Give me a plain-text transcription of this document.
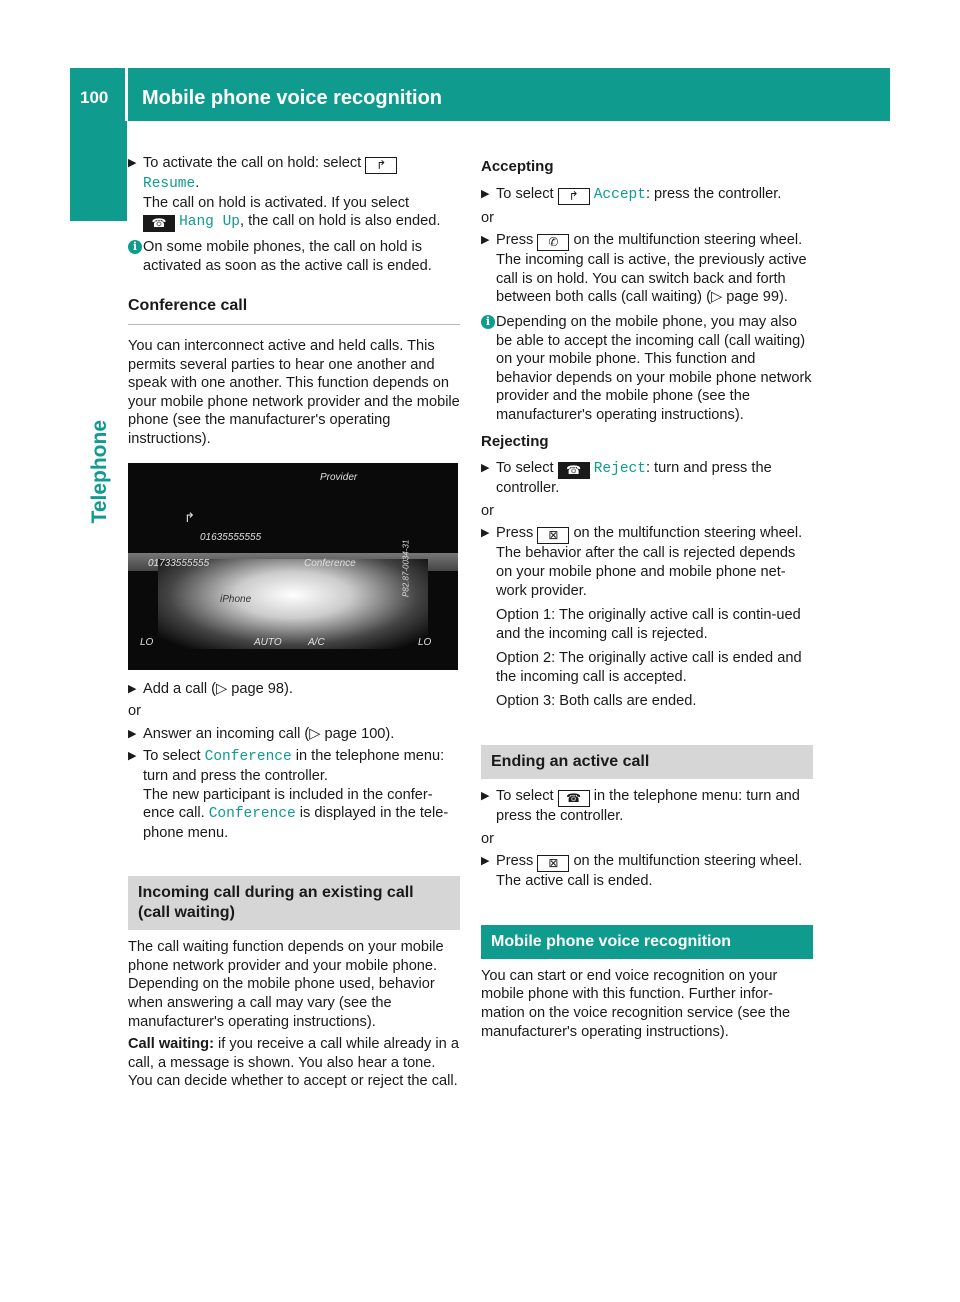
100 Mobile phone voice recognition
Telephone
▶ To activate the call on hold: select ↱
Resume.
The call on hold is activated. If you select
☎ Hang Up, the call on hold is also ended.
i On some mobile phones, the call on hold is activated as soon as the active call is ended.
Conference call
You can interconnect active and held calls. This permits several parties to hear one another and speak with one another. This function depends on your mobile phone network provider and the mobile phone (see the manufacturer's operating instructions).
Provider
↱
01635555555
01733555555	Conference
iPhone
LO	AUTO	A/C	LO
P82.87-0034-31
▶ Add a call (▷ page 98).
or
▶ Answer an incoming call (▷ page 100).
▶ To select Conference in the telephone menu: turn and press the controller.
The new participant is included in the confer-ence call. Conference is displayed in the tele-phone menu.
Incoming call during an existing call
(call waiting)
The call waiting function depends on your mobile phone network provider and your mobile phone. Depending on the mobile phone used, behavior when answering a call may vary (see the manufacturer's operating instructions).
Call waiting: if you receive a call while already in a call, a message is shown. You also hear a tone. You can decide whether to accept or reject the call.
Accepting
▶ To select ↱ Accept: press the controller.
or
▶ Press ✆ on the multifunction steering wheel.
The incoming call is active, the previously active call is on hold. You can switch back and forth between both calls (call waiting) (▷ page 99).
i Depending on the mobile phone, you may also be able to accept the incoming call (call waiting) on your mobile phone. This function and behavior depends on your mobile phone network provider and the mobile phone (see the manufacturer's operating instructions).
Rejecting
▶ To select ☎ Reject: turn and press the controller.
or
▶ Press ⊠ on the multifunction steering wheel.
The behavior after the call is rejected depends on your mobile phone and mobile phone net-work provider.
Option 1: The originally active call is contin-ued and the incoming call is rejected.
Option 2: The originally active call is ended and the incoming call is accepted.
Option 3: Both calls are ended.
Ending an active call
▶ To select ☎ in the telephone menu: turn and press the controller.
or
▶ Press ⊠ on the multifunction steering wheel.
The active call is ended.
Mobile phone voice recognition
You can start or end voice recognition on your mobile phone with this function. Further infor-mation on the voice recognition service (see the manufacturer's operating instructions).
